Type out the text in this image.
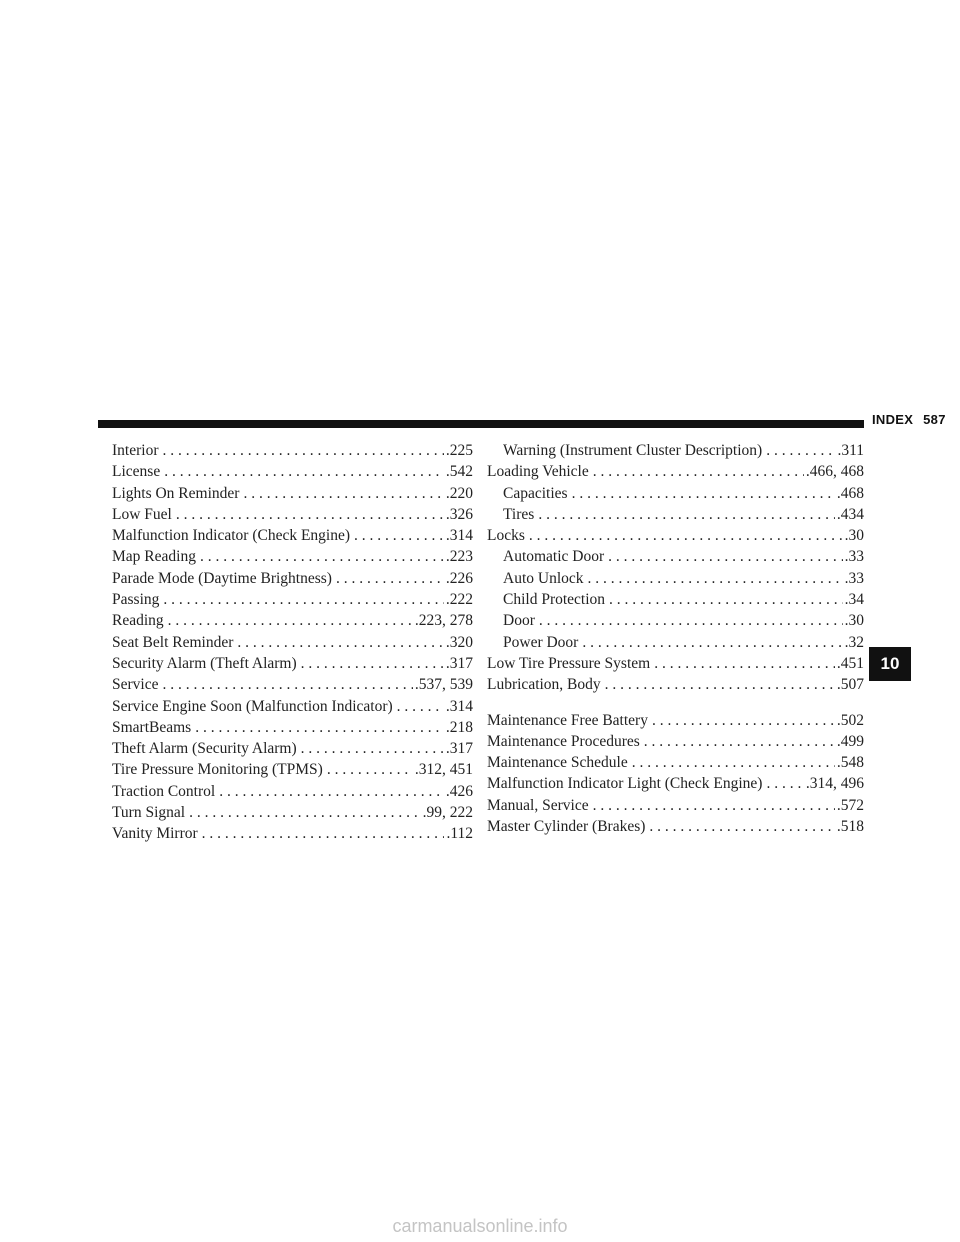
INDEX 587
Interior . . .	.225
License . . .	.542
Lights On Reminder . . .	.220
Low Fuel . . .	.326
Malfunction Indicator (Check Engine) . . .	.314
Map Reading . . .	.223
Parade Mode (Daytime Brightness) . . .	.226
Passing . . .	.222
Reading . . .	.223, 278
Seat Belt Reminder . . .	.320
Security Alarm (Theft Alarm) . . .	.317
Service . . .	.537, 539
Service Engine Soon (Malfunction Indicator) . . .	.314
SmartBeams . . .	.218
Theft Alarm (Security Alarm) . . .	.317
Tire Pressure Monitoring (TPMS) . . .	.312, 451
Traction Control . . .	.426
Turn Signal . . .	.99, 222
Vanity Mirror . . .	.112
Warning (Instrument Cluster Description) . . .	.311
Loading Vehicle . . .	.466, 468
Capacities . . .	.468
Tires . . .	.434
Locks . . .	.30
Automatic Door . . .	.33
Auto Unlock . . .	.33
Child Protection . . .	.34
Door . . .	.30
Power Door . . .	.32
Low Tire Pressure System . . .	.451
Lubrication, Body . . .	.507
Maintenance Free Battery . . .	.502
Maintenance Procedures . . .	.499
Maintenance Schedule . . .	.548
Malfunction Indicator Light (Check Engine) . . .	.314, 496
Manual, Service . . .	.572
Master Cylinder (Brakes) . . .	.518
10
carmanualsonline.info
